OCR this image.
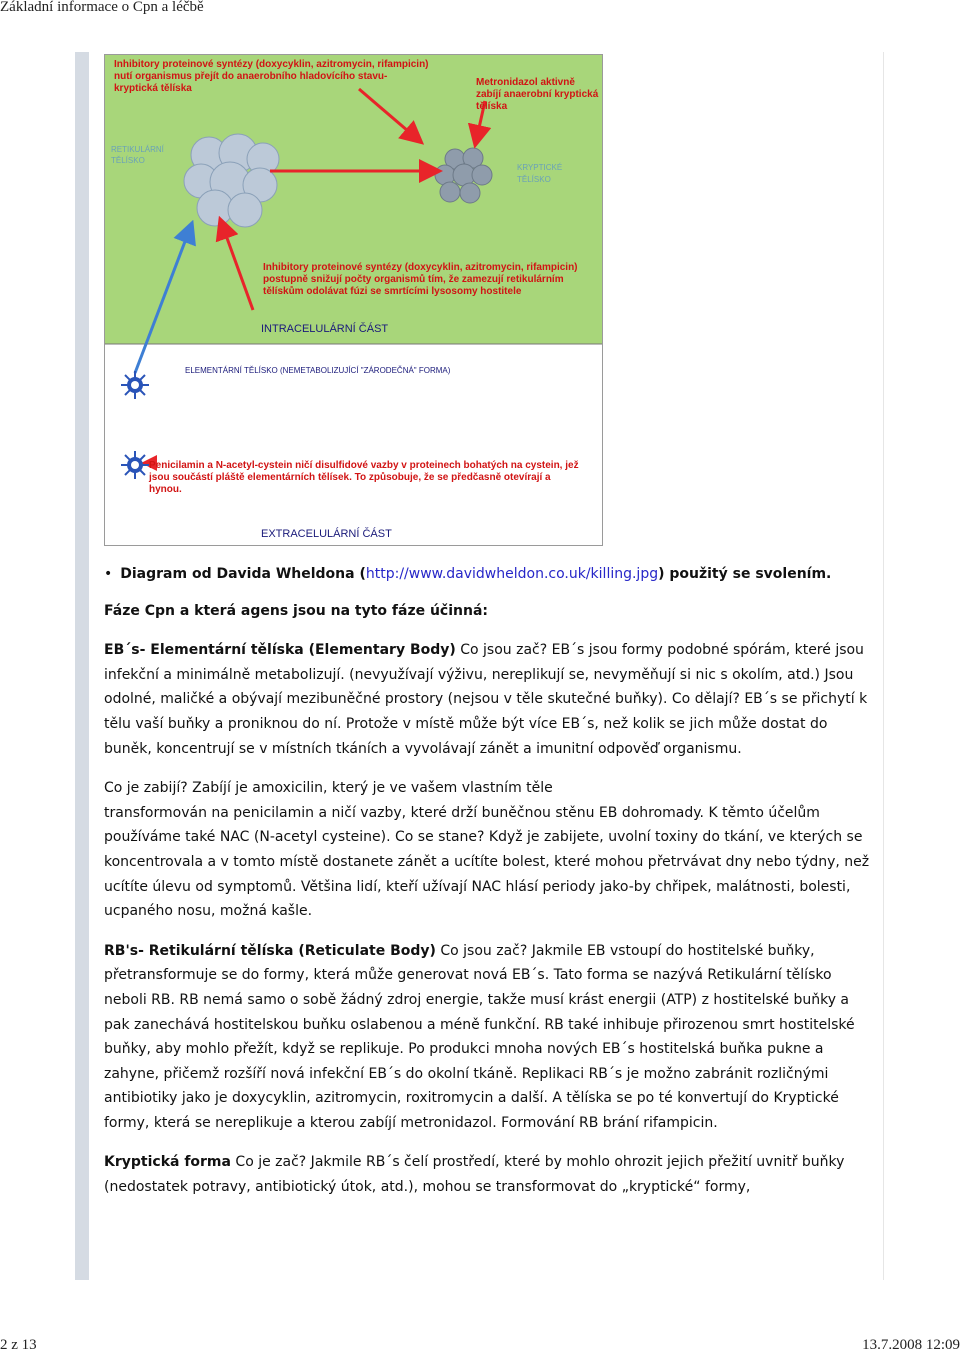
Základní informace o Cpn a léčbě
Inhibitory proteinové syntézy (doxycyklin, azitromycin, rifampicin) nutí organismus přejít do anaerobního hladovícího stavu- kryptická tělíska
Metronidazol aktivně zabíjí anaerobní kryptická tělíska
RETIKULÁRNÍ
TĚLÍSKO
KRYPTICKÉ
TĚLÍSKO
Inhibitory proteinové syntézy (doxycyklin, azitromycin, rifampicin) postupně snižují počty organismů tím, že zamezují retikulárním tělískům odolávat fúzi se smrtícími lysosomy hostitele
INTRACELULÁRNÍ ČÁST
ELEMENTÁRNÍ TĚLÍSKO (NEMETABOLIZUJÍCÍ "ZÁRODEČNÁ" FORMA)
Penicilamin a N-acetyl-cystein ničí disulfidové vazby v proteinech bohatých na cystein, jež jsou součástí pláště elementárních tělísek. To způsobuje, že se předčasně otevírají a hynou.
EXTRACELULÁRNÍ ČÁST
• Diagram od Davida Wheldona (http://www.davidwheldon.co.uk/killing.jpg) použitý se svolením.

Fáze Cpn a která agens jsou na tyto fáze účinná:

EB´s- Elementární tělíska (Elementary Body) Co jsou zač? EB´s jsou formy podobné spórám, které jsou infekční a minimálně metabolizují. (nevyužívají výživu, nereplikují se, nevyměňují si nic s okolím, atd.) Jsou odolné, maličké a obývají mezibuněčné prostory (nejsou v těle skutečné buňky). Co dělají? EB´s se přichytí k tělu vaší buňky a proniknou do ní. Protože v místě může být více EB´s, než kolik se jich může dostat do buněk, koncentrují se v místních tkáních a vyvolávají zánět a imunitní odpověď organismu.

Co je zabijí? Zabíjí je amoxicilin, který je ve vašem vlastním těle
transformován na penicilamin a ničí vazby, které drží buněčnou stěnu EB dohromady. K těmto účelům používáme také NAC (N-acetyl cysteine). Co se stane? Když je zabijete, uvolní toxiny do tkání, ve kterých se koncentrovala a v tomto místě dostanete zánět a ucítíte bolest, které mohou přetrvávat dny nebo týdny, než ucítíte úlevu od symptomů. Většina lidí, kteří užívají NAC hlásí periody jako-by chřipek, malátnosti, bolesti, ucpaného nosu, možná kašle.

RB's- Retikulární tělíska (Reticulate Body) Co jsou zač? Jakmile EB vstoupí do hostitelské buňky, přetransformuje se do formy, která může generovat nová EB´s. Tato forma se nazývá Retikulární tělísko neboli RB. RB nemá samo o sobě žádný zdroj energie, takže musí krást energii (ATP) z hostitelské buňky a pak zanechává hostitelskou buňku oslabenou a méně funkční. RB také inhibuje přirozenou smrt hostitelské buňky, aby mohlo přežít, když se replikuje. Po produkci mnoha nových EB´s hostitelská buňka pukne a zahyne, přičemž rozšíří nová infekční EB´s do okolní tkáně. Replikaci RB´s je možno zabránit rozličnými antibiotiky jako je doxycyklin, azitromycin, roxitromycin a další. A tělíska se po té konvertují do Kryptické formy, která se nereplikuje a kterou zabíjí metronidazol. Formování RB brání rifampicin.

Kryptická forma Co je zač? Jakmile RB´s čelí prostředí, které by mohlo ohrozit jejich přežití uvnitř buňky (nedostatek potravy, antibiotický útok, atd.), mohou se transformovat do „kryptické“ formy,

2 z 13	13.7.2008 12:09
